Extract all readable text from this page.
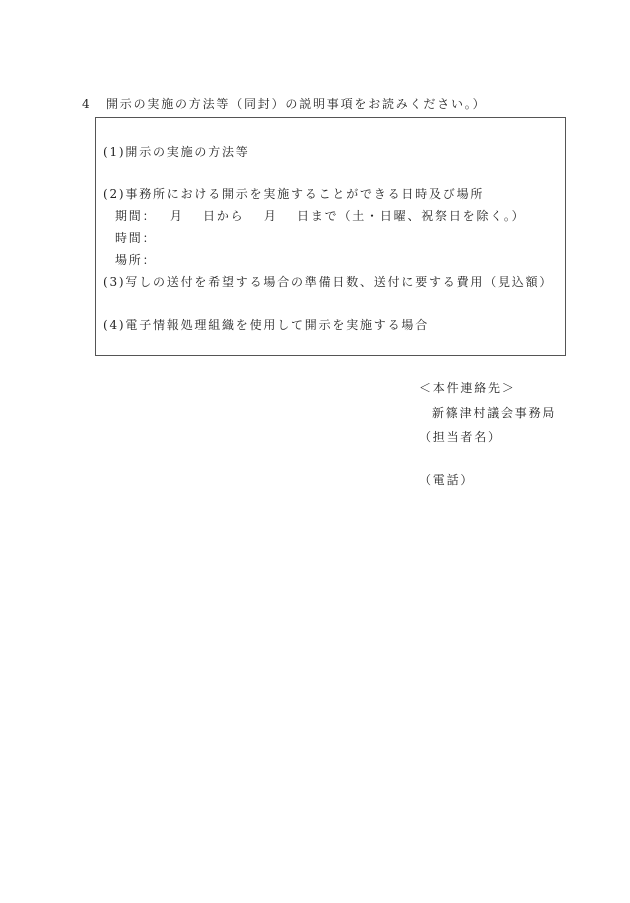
4 開示の実施の方法等（同封）の説明事項をお読みください。）
(1)開示の実施の方法等
(2)事務所における開示を実施することができる日時及び場所
期間：　 月　 日から　 月　 日まで（土・日曜、祝祭日を除く。）
時間：
場所：
(3)写しの送付を希望する場合の準備日数、送付に要する費用（見込額）
(4)電子情報処理組織を使用して開示を実施する場合
＜本件連絡先＞
新篠津村議会事務局
（担当者名）
（電話）
